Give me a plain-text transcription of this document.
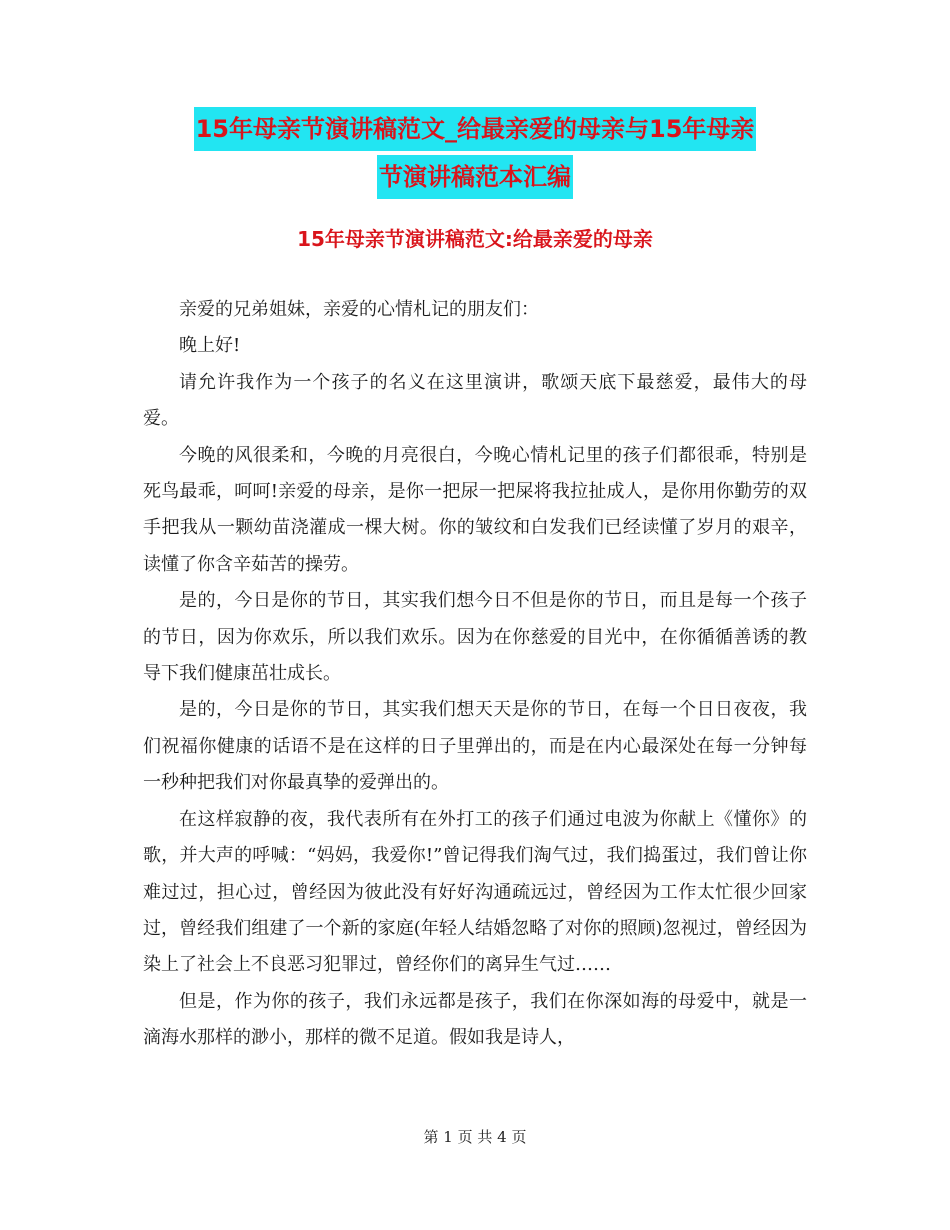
15年母亲节演讲稿范文_给最亲爱的母亲与15年母亲
节演讲稿范本汇编
15年母亲节演讲稿范文:给最亲爱的母亲

亲爱的兄弟姐妹，亲爱的心情札记的朋友们：

晚上好!

请允许我作为一个孩子的名义在这里演讲，歌颂天底下最慈爱，最伟大的母爱。

今晚的风很柔和，今晚的月亮很白，今晚心情札记里的孩子们都很乖，特别是死鸟最乖，呵呵!亲爱的母亲，是你一把尿一把屎将我拉扯成人，是你用你勤劳的双手把我从一颗幼苗浇灌成一棵大树。你的皱纹和白发我们已经读懂了岁月的艰辛，读懂了你含辛茹苦的操劳。

是的，今日是你的节日，其实我们想今日不但是你的节日，而且是每一个孩子的节日，因为你欢乐，所以我们欢乐。因为在你慈爱的目光中，在你循循善诱的教导下我们健康茁壮成长。

是的，今日是你的节日，其实我们想天天是你的节日，在每一个日日夜夜，我们祝福你健康的话语不是在这样的日子里弹出的，而是在内心最深处在每一分钟每一秒种把我们对你最真挚的爱弹出的。

在这样寂静的夜，我代表所有在外打工的孩子们通过电波为你献上《懂你》的歌，并大声的呼喊：“妈妈，我爱你!”曾记得我们淘气过，我们捣蛋过，我们曾让你难过过，担心过，曾经因为彼此没有好好沟通疏远过，曾经因为工作太忙很少回家过，曾经我们组建了一个新的家庭(年轻人结婚忽略了对你的照顾)忽视过，曾经因为染上了社会上不良恶习犯罪过，曾经你们的离异生气过……

但是，作为你的孩子，我们永远都是孩子，我们在你深如海的母爱中，就是一滴海水那样的渺小，那样的微不足道。假如我是诗人，

第 1 页 共 4 页
